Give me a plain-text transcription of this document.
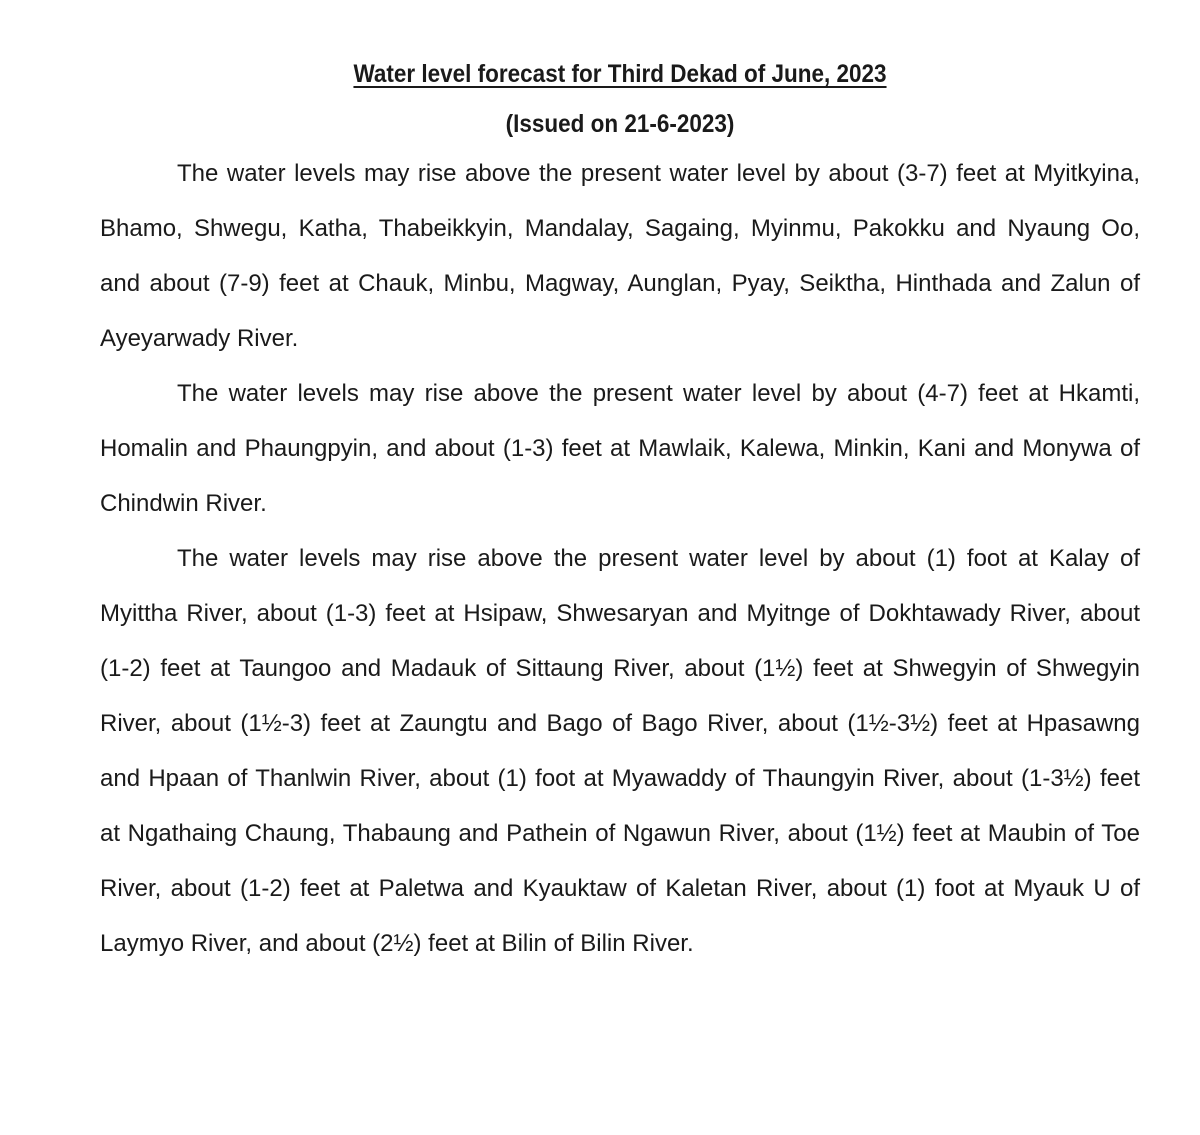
Water level forecast for Third Dekad of June, 2023

(Issued on 21-6-2023)

The water levels may rise above the present water level by about (3-7) feet at Myitkyina, Bhamo, Shwegu, Katha, Thabeikkyin, Mandalay, Sagaing, Myinmu, Pakokku and Nyaung Oo, and about (7-9) feet at Chauk, Minbu, Magway, Aunglan, Pyay, Seiktha, Hinthada and Zalun of Ayeyarwady River.

The water levels may rise above the present water level by about (4-7) feet at Hkamti, Homalin and Phaungpyin, and about (1-3) feet at Mawlaik, Kalewa, Minkin, Kani and Monywa of Chindwin River.

The water levels may rise above the present water level by about (1) foot at Kalay of Myittha River, about (1-3) feet at Hsipaw, Shwesaryan and Myitnge of Dokhtawady River, about (1-2) feet at Taungoo and Madauk of Sittaung River, about (1½) feet at Shwegyin of Shwegyin River, about (1½-3) feet at Zaungtu and Bago of Bago River, about (1½-3½) feet at Hpasawng and Hpaan of Thanlwin River, about (1) foot at Myawaddy of Thaungyin River, about (1-3½) feet at Ngathaing Chaung, Thabaung and Pathein of Ngawun River, about (1½) feet at Maubin of Toe River, about (1-2) feet at Paletwa and Kyauktaw of Kaletan River, about (1) foot at Myauk U of Laymyo River, and about (2½) feet at Bilin of Bilin River.
